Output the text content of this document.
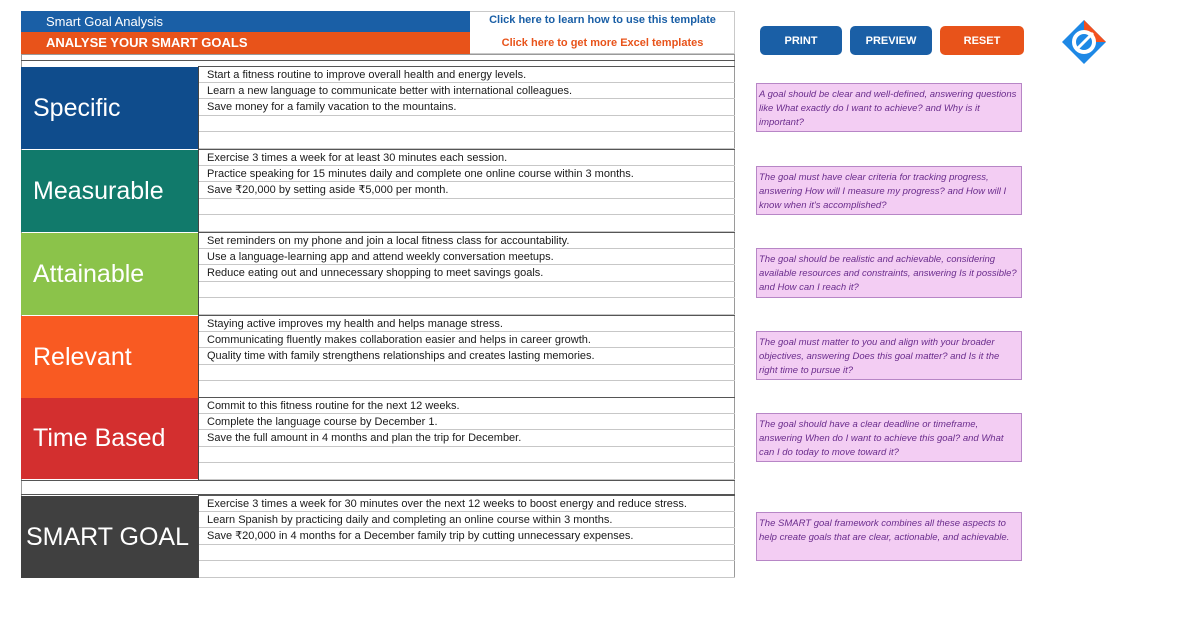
Smart Goal Analysis
ANALYSE YOUR SMART GOALS
Click here to learn how to use this template
Click here to get more Excel templates	PRINT	PREVIEW	RESET
Specific
Start a fitness routine to improve overall health and energy levels.
Learn a new language to communicate better with international colleagues.
Save money for a family vacation to the mountains.
Measurable
Exercise 3 times a week for at least 30 minutes each session.
Practice speaking for 15 minutes daily and complete one online course within 3 months.
Save ₹20,000 by setting aside ₹5,000 per month.
Attainable
Set reminders on my phone and join a local fitness class for accountability.
Use a language-learning app and attend weekly conversation meetups.
Reduce eating out and unnecessary shopping to meet savings goals.
Relevant
Staying active improves my health and helps manage stress.
Communicating fluently makes collaboration easier and helps in career growth.
Quality time with family strengthens relationships and creates lasting memories.
Time Based
Commit to this fitness routine for the next 12 weeks.
Complete the language course by December 1.
Save the full amount in 4 months and plan the trip for December.
SMART GOAL
Exercise 3 times a week for 30 minutes over the next 12 weeks to boost energy and reduce stress.
Learn Spanish by practicing daily and completing an online course within 3 months.
Save ₹20,000 in 4 months for a December family trip by cutting unnecessary expenses.
A goal should be clear and well-defined, answering questions like What exactly do I want to achieve? and Why is it important?
The goal must have clear criteria for tracking progress, answering How will I measure my progress? and How will I know when it's accomplished?
The goal should be realistic and achievable, considering available resources and constraints, answering Is it possible? and How can I reach it?
The goal must matter to you and align with your broader objectives, answering Does this goal matter? and Is it the right time to pursue it?
The goal should have a clear deadline or timeframe, answering When do I want to achieve this goal? and What can I do today to move toward it?
The SMART goal framework combines all these aspects to help create goals that are clear, actionable, and achievable.
